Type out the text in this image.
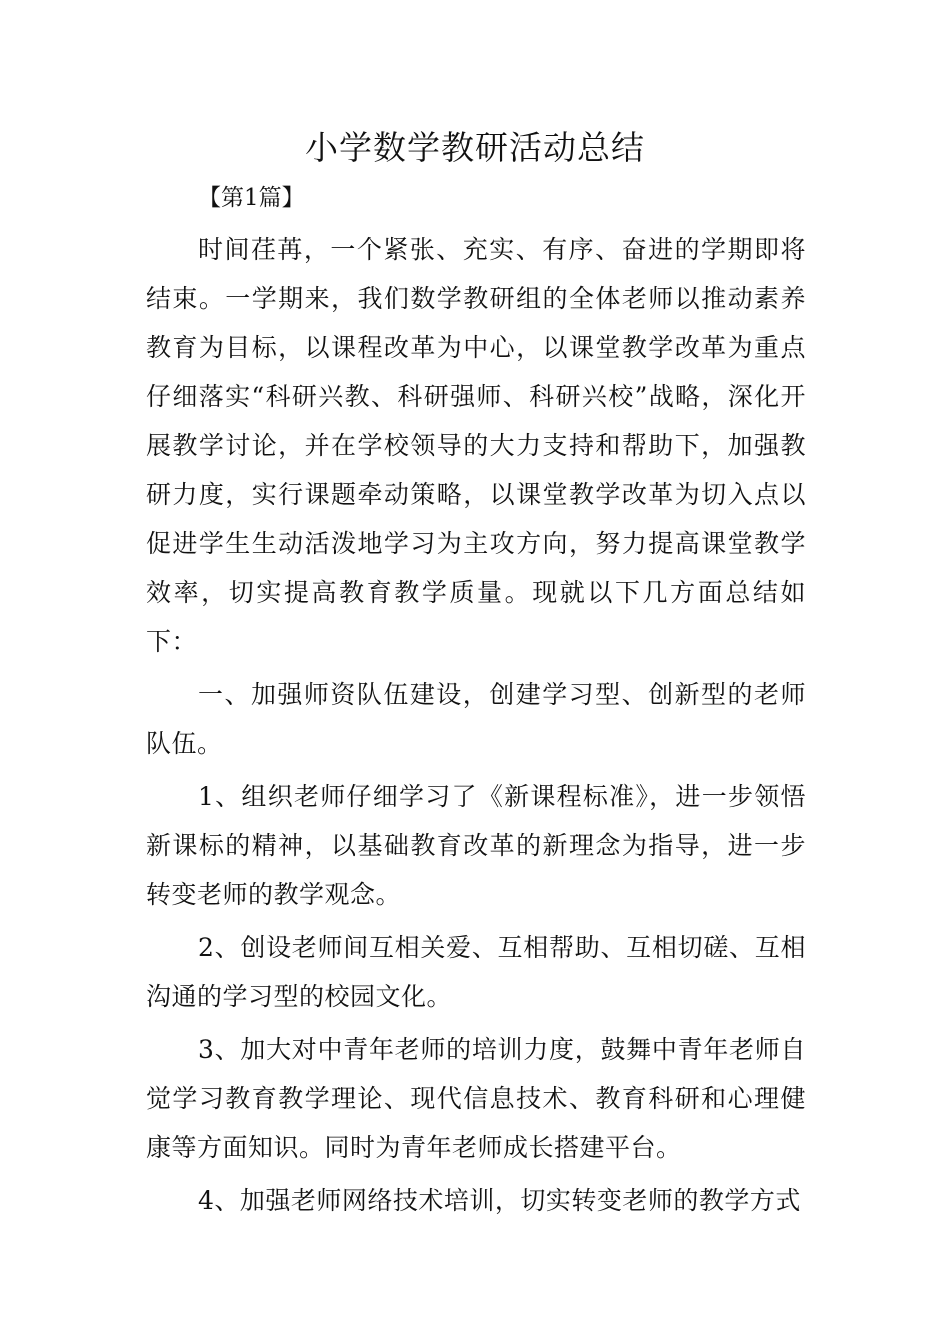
小学数学教研活动总结
【第1篇】

时间荏苒，一个紧张、充实、有序、奋进的学期即将结束。一学期来，我们数学教研组的全体老师以推动素养教育为目标，以课程改革为中心，以课堂教学改革为重点仔细落实“科研兴教、科研强师、科研兴校”战略，深化开展教学讨论，并在学校领导的大力支持和帮助下，加强教研力度，实行课题牵动策略，以课堂教学改革为切入点以促进学生生动活泼地学习为主攻方向，努力提高课堂教学效率，切实提高教育教学质量。现就以下几方面总结如下：

一、加强师资队伍建设，创建学习型、创新型的老师队伍。

1、组织老师仔细学习了《新课程标准》，进一步领悟新课标的精神，以基础教育改革的新理念为指导，进一步转变老师的教学观念。

2、创设老师间互相关爱、互相帮助、互相切磋、互相沟通的学习型的校园文化。

3、加大对中青年老师的培训力度，鼓舞中青年老师自觉学习教育教学理论、现代信息技术、教育科研和心理健康等方面知识。同时为青年老师成长搭建平台。

4、加强老师网络技术培训，切实转变老师的教学方式
